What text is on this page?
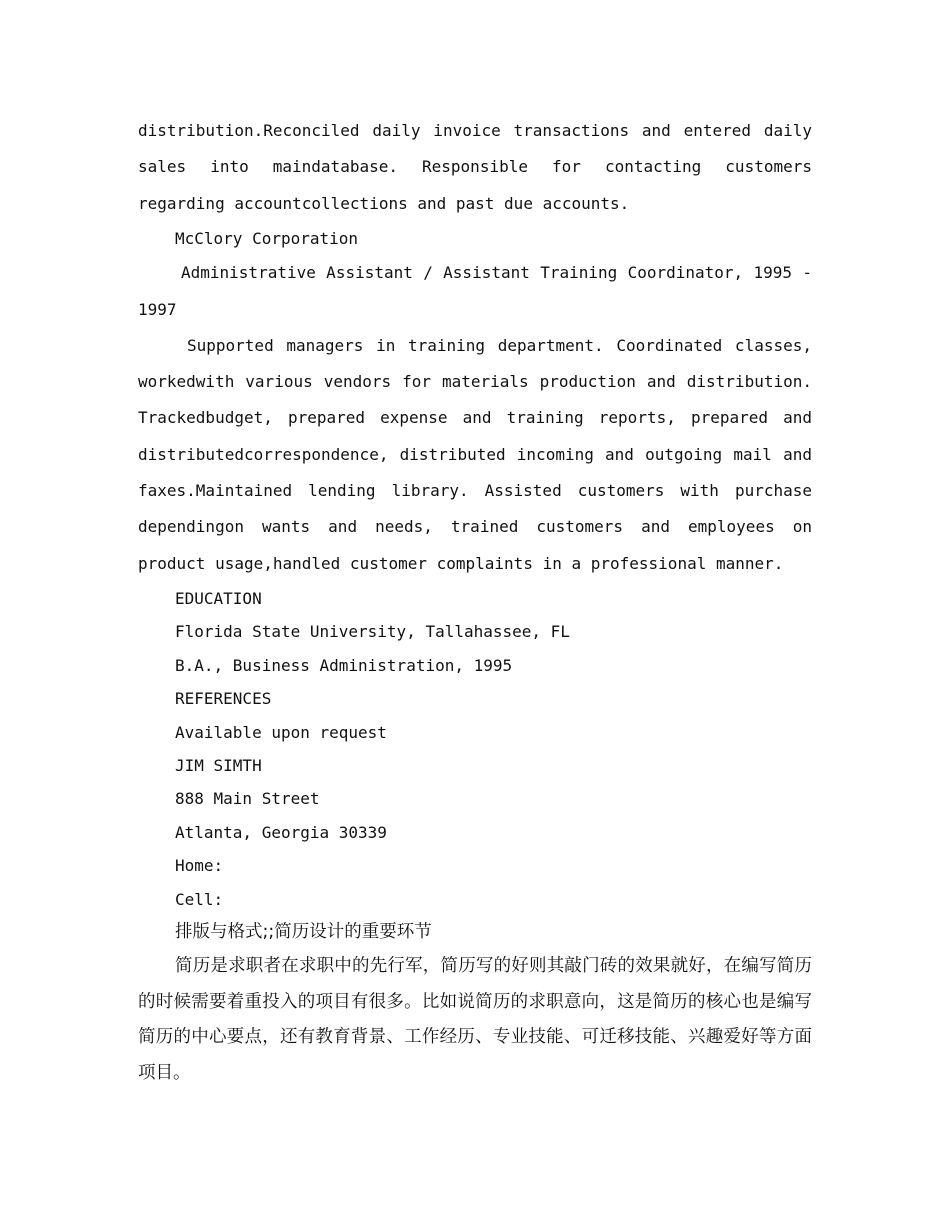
distribution.Reconciled daily invoice transactions and entered daily sales into maindatabase. Responsible for contacting customers regarding accountcollections and past due accounts.

McClory Corporation

Administrative Assistant / Assistant Training Coordinator, 1995 - 1997

Supported managers in training department. Coordinated classes, workedwith various vendors for materials production and distribution. Trackedbudget, prepared expense and training reports, prepared and distributedcorrespondence, distributed incoming and outgoing mail and faxes.Maintained lending library. Assisted customers with purchase dependingon wants and needs, trained customers and employees on product usage,handled customer complaints in a professional manner.

EDUCATION

Florida State University, Tallahassee, FL

B.A., Business Administration, 1995

REFERENCES

Available upon request

JIM SIMTH

888 Main Street

Atlanta, Georgia 30339

Home:

Cell:

排版与格式;;简历设计的重要环节

简历是求职者在求职中的先行军，简历写的好则其敲门砖的效果就好，在编写简历的时候需要着重投入的项目有很多。比如说简历的求职意向，这是简历的核心也是编写简历的中心要点，还有教育背景、工作经历、专业技能、可迁移技能、兴趣爱好等方面项目。
